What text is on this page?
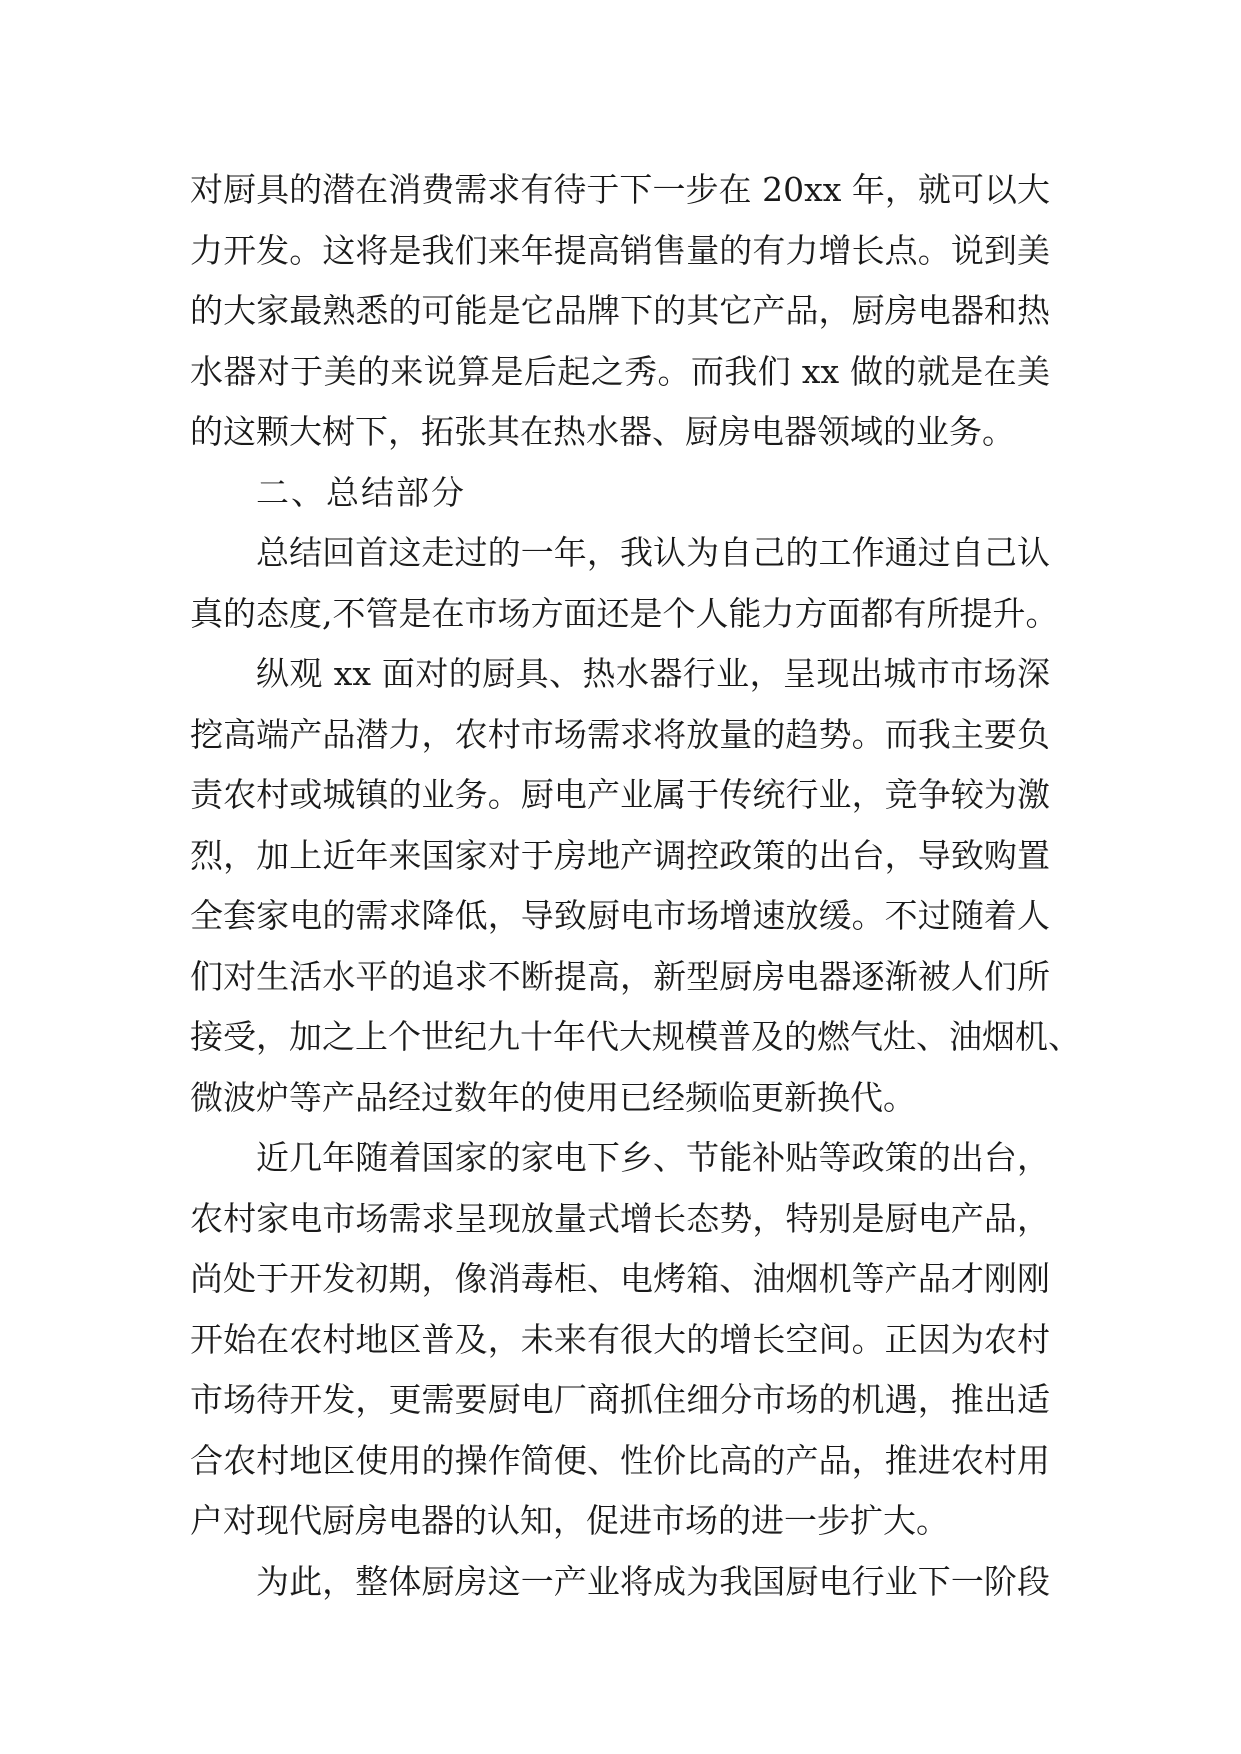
对厨具的潜在消费需求有待于下一步在 20xx 年，就可以大
力开发。这将是我们来年提高销售量的有力增长点。说到美
的大家最熟悉的可能是它品牌下的其它产品，厨房电器和热
水器对于美的来说算是后起之秀。而我们 xx 做的就是在美
的这颗大树下，拓张其在热水器、厨房电器领域的业务。
二、总结部分
总结回首这走过的一年，我认为自己的工作通过自己认
真的态度,不管是在市场方面还是个人能力方面都有所提升。
纵观 xx 面对的厨具、热水器行业，呈现出城市市场深
挖高端产品潜力，农村市场需求将放量的趋势。而我主要负
责农村或城镇的业务。厨电产业属于传统行业，竞争较为激
烈，加上近年来国家对于房地产调控政策的出台，导致购置
全套家电的需求降低，导致厨电市场增速放缓。不过随着人
们对生活水平的追求不断提高，新型厨房电器逐渐被人们所
接受，加之上个世纪九十年代大规模普及的燃气灶、油烟机、
微波炉等产品经过数年的使用已经频临更新换代。
近几年随着国家的家电下乡、节能补贴等政策的出台，
农村家电市场需求呈现放量式增长态势，特别是厨电产品，
尚处于开发初期，像消毒柜、电烤箱、油烟机等产品才刚刚
开始在农村地区普及，未来有很大的增长空间。正因为农村
市场待开发，更需要厨电厂商抓住细分市场的机遇，推出适
合农村地区使用的操作简便、性价比高的产品，推进农村用
户对现代厨房电器的认知，促进市场的进一步扩大。
为此，整体厨房这一产业将成为我国厨电行业下一阶段
